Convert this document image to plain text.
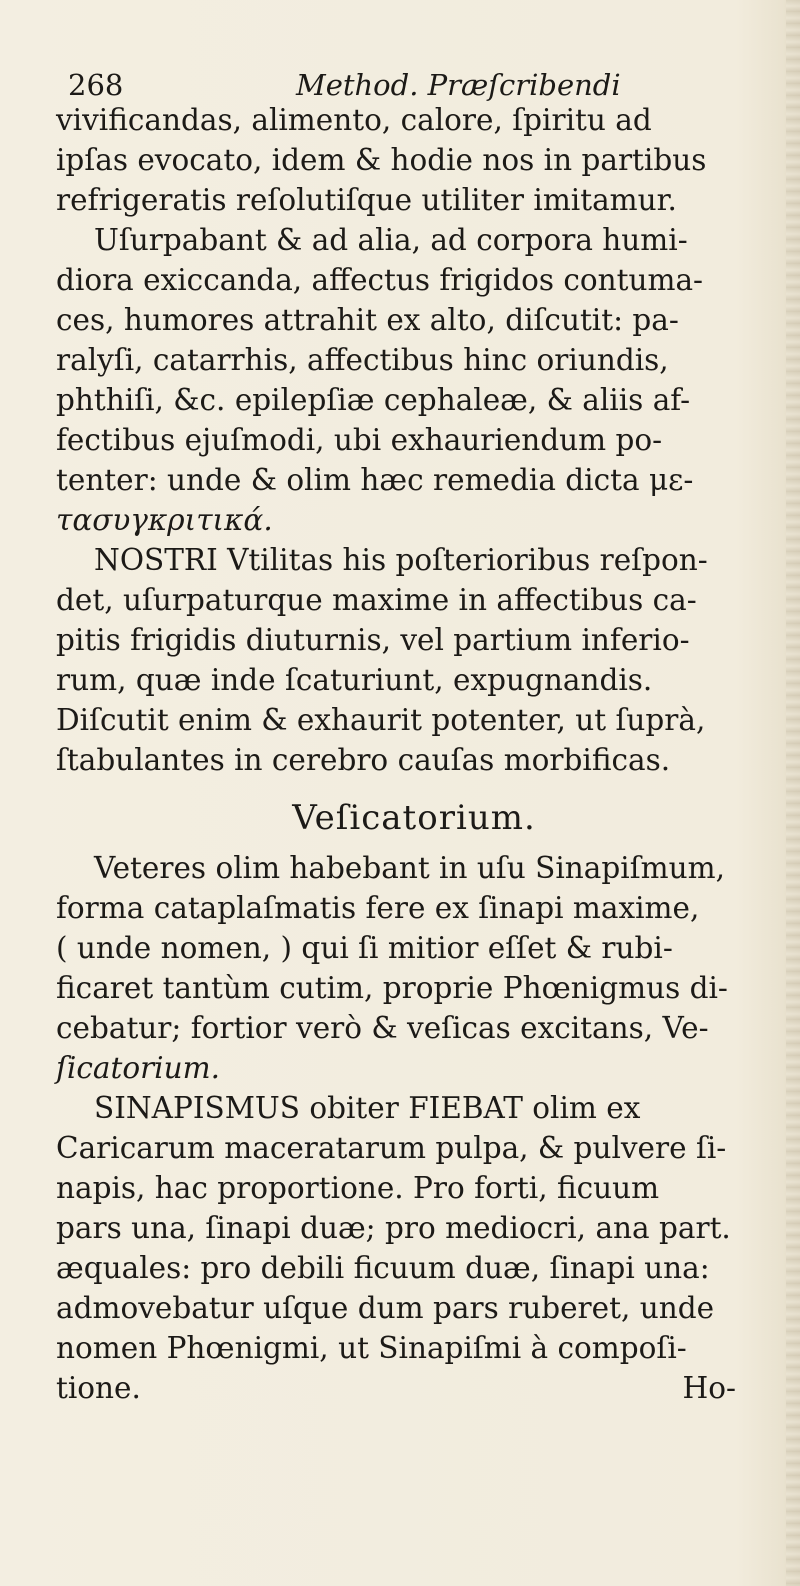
268	Method. Præſcribendi
vivificandas, alimento, calore, ſpiritu ad
ipſas evocato, idem & hodie nos in partibus
refrigeratis reſolutiſque utiliter imitamur.
Uſurpabant & ad alia, ad corpora humi-
diora exiccanda, affectus frigidos contuma-
ces, humores attrahit ex alto, diſcutit: pa-
ralyſi, catarrhis, affectibus hinc oriundis,
phthiſi, &c. epilepſiæ cephaleæ, & aliis af-
fectibus ejuſmodi, ubi exhauriendum po-
tenter: unde & olim hæc remedia dicta με-
τασυγκριτικά.
NOSTRI Vtilitas his poſterioribus reſpon-
det, uſurpaturque maxime in affectibus ca-
pitis frigidis diuturnis, vel partium inferio-
rum, quæ inde ſcaturiunt, expugnandis.
Diſcutit enim & exhaurit potenter, ut ſuprà,
ſtabulantes in cerebro cauſas morbificas.
Veſicatorium.
Veteres olim habebant in uſu Sinapiſmum,
forma cataplaſmatis fere ex ſinapi maxime,
( unde nomen, ) qui ſi mitior eſſet & rubi-
ficaret tantùm cutim, proprie Phœnigmus di-
cebatur; fortior verò & veſicas excitans, Ve-
ſicatorium.
SINAPISMUS obiter FIEBAT olim ex
Caricarum maceratarum pulpa, & pulvere ſi-
napis, hac proportione. Pro forti, ficuum
pars una, ſinapi duæ; pro mediocri, ana part.
æquales: pro debili ficuum duæ, ſinapi una:
admovebatur uſque dum pars ruberet, unde
nomen Phœnigmi, ut Sinapiſmi à compoſi-
tione.	Ho-
